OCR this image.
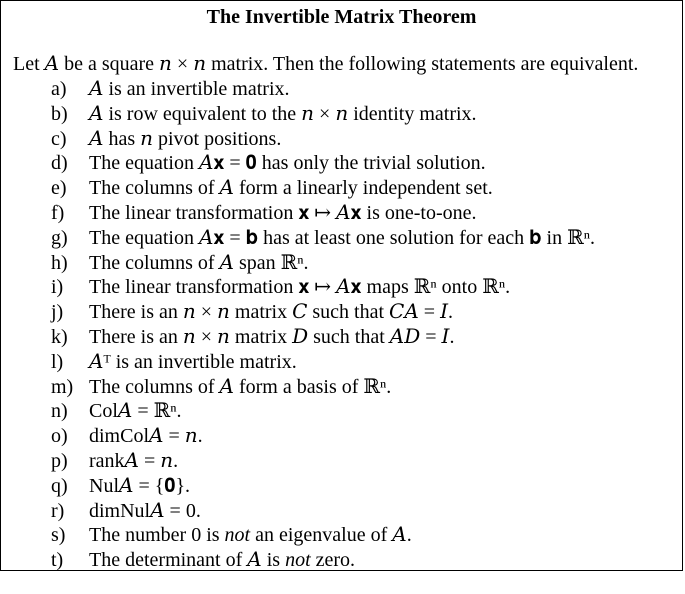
The Invertible Matrix Theorem
Let 𝐴 be a square 𝑛 × 𝑛 matrix. Then the following statements are equivalent.
a) 𝐴 is an invertible matrix.
b) 𝐴 is row equivalent to the 𝑛 × 𝑛 identity matrix.
c) 𝐴 has 𝑛 pivot positions.
d) The equation 𝐴𝐱 = 𝟎 has only the trivial solution.
e) The columns of 𝐴 form a linearly independent set.
f) The linear transformation 𝐱 ↦ 𝐴𝐱 is one-to-one.
g) The equation 𝐴𝐱 = 𝐛 has at least one solution for each 𝐛 in ℝⁿ.
h) The columns of 𝐴 span ℝⁿ.
i) The linear transformation 𝐱 ↦ 𝐴𝐱 maps ℝⁿ onto ℝⁿ.
j) There is an 𝑛 × 𝑛 matrix 𝐶 such that 𝐶𝐴 = 𝐼.
k) There is an 𝑛 × 𝑛 matrix 𝐷 such that 𝐴𝐷 = 𝐼.
l) 𝐴ᵀ is an invertible matrix.
m) The columns of 𝐴 form a basis of ℝⁿ.
n) Col𝐴 = ℝⁿ.
o) dimCol𝐴 = 𝑛.
p) rank𝐴 = 𝑛.
q) Nul𝐴 = {𝟎}.
r) dimNul𝐴 = 0.
s) The number 0 is not an eigenvalue of 𝐴.
t) The determinant of 𝐴 is not zero.
